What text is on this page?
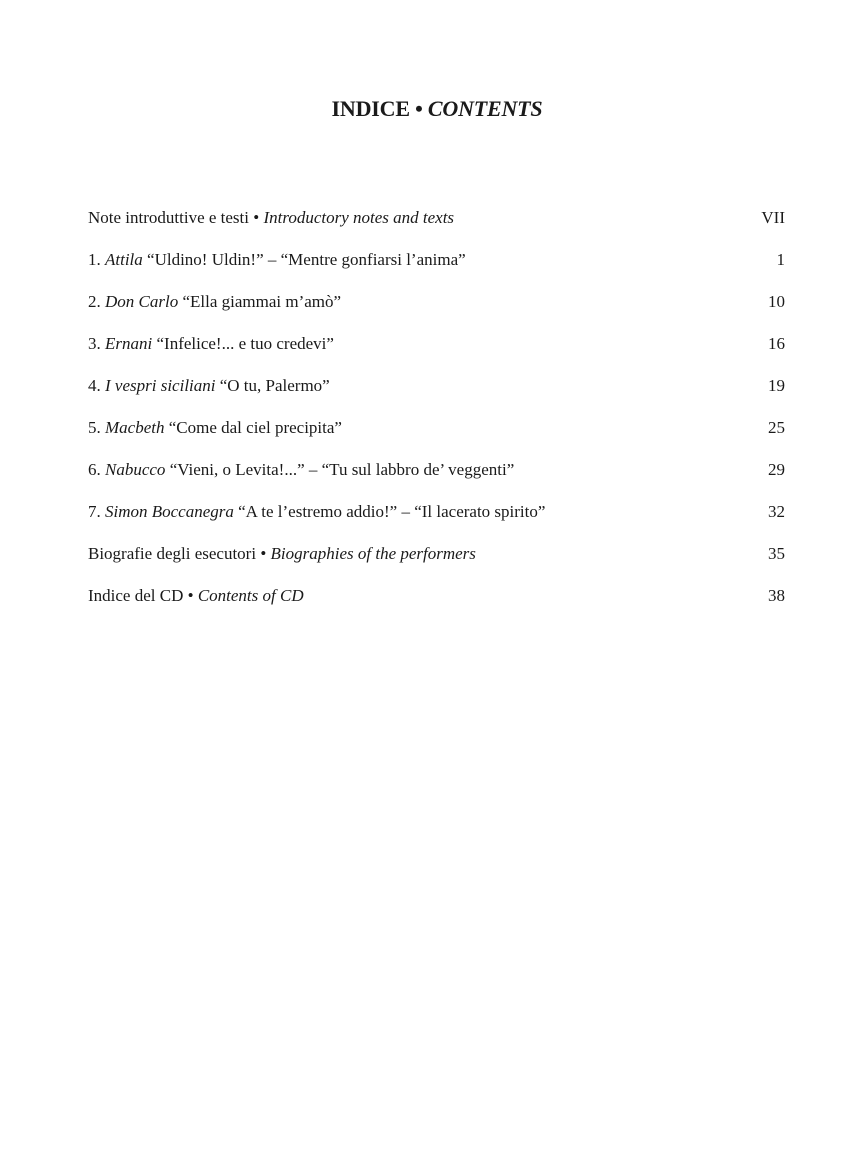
INDICE • CONTENTS
Note introduttive e testi • Introductory notes and texts	VII
1. Attila “Uldino! Uldin!” – “Mentre gonfiarsi l’anima”	1
2. Don Carlo “Ella giammai m’amò”	10
3. Ernani “Infelice!... e tuo credevi”	16
4. I vespri siciliani “O tu, Palermo”	19
5. Macbeth “Come dal ciel precipita”	25
6. Nabucco “Vieni, o Levita!...” – “Tu sul labbro de’ veggenti”	29
7. Simon Boccanegra “A te l’estremo addio!” – “Il lacerato spirito”	32
Biografie degli esecutori • Biographies of the performers	35
Indice del CD • Contents of CD	38
